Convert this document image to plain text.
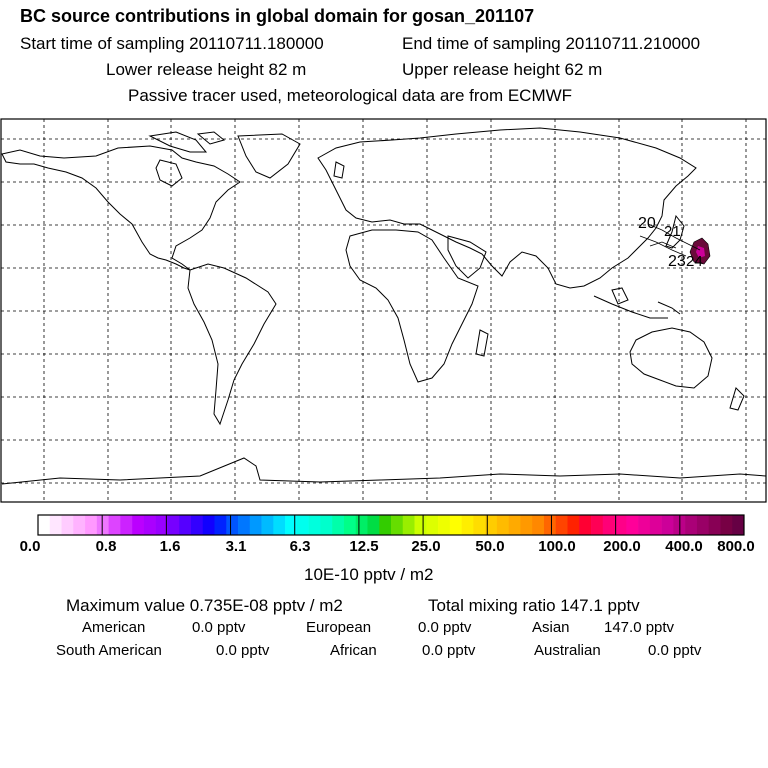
BC source contributions in global domain for gosan_201107
Start time of sampling 20110711.180000	End time of sampling 20110711.210000
Lower release height 82 m	Upper release height 62 m
Passive tracer used, meteorological data are from ECMWF
20 21
23 24
0.0	0.8	1.6	3.1	6.3	12.5 25.0 50.0 100.0 200.0 400.0 800.0
10E-10 pptv / m2
Maximum value 0.735E-08 pptv / m2	Total mixing ratio 147.1 pptv
American	0.0 pptv	European	0.0 pptv	Asian 147.0 pptv
South American	0.0 pptv	African	0.0 pptv	Australian	0.0 pptv
